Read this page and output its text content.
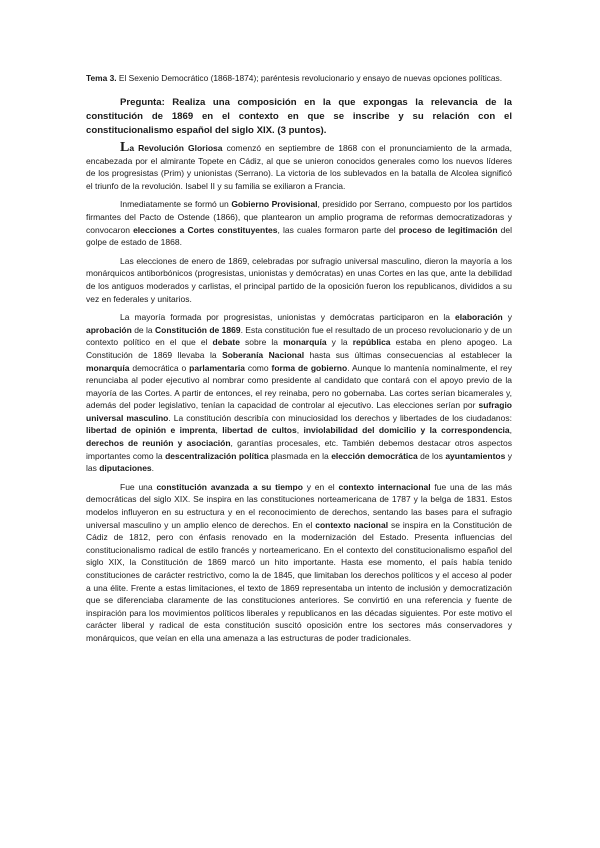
Tema 3. El Sexenio Democrático (1868-1874); paréntesis revolucionario y ensayo de nuevas opciones políticas.

Pregunta: Realiza una composición en la que expongas la relevancia de la constitución de 1869 en el contexto en que se inscribe y su relación con el constitucionalismo español del siglo XIX. (3 puntos).

La Revolución Gloriosa comenzó en septiembre de 1868 con el pronunciamiento de la armada, encabezada por el almirante Topete en Cádiz, al que se unieron conocidos generales como los nuevos líderes de los progresistas (Prim) y unionistas (Serrano). La victoria de los sublevados en la batalla de Alcolea significó el triunfo de la revolución. Isabel II y su familia se exiliaron a Francia.

Inmediatamente se formó un Gobierno Provisional, presidido por Serrano, compuesto por los partidos firmantes del Pacto de Ostende (1866), que plantearon un amplio programa de reformas democratizadoras y convocaron elecciones a Cortes constituyentes, las cuales formaron parte del proceso de legitimación del golpe de estado de 1868.

Las elecciones de enero de 1869, celebradas por sufragio universal masculino, dieron la mayoría a los monárquicos antiborbónicos (progresistas, unionistas y demócratas) en unas Cortes en las que, ante la debilidad de los antiguos moderados y carlistas, el principal partido de la oposición fueron los republicanos, divididos a su vez en federales y unitarios.

La mayoría formada por progresistas, unionistas y demócratas participaron en la elaboración y aprobación de la Constitución de 1869. Esta constitución fue el resultado de un proceso revolucionario y de un contexto político en el que el debate sobre la monarquía y la república estaba en pleno apogeo. La Constitución de 1869 llevaba la Soberanía Nacional hasta sus últimas consecuencias al establecer la monarquía democrática o parlamentaria como forma de gobierno. Aunque lo mantenía nominalmente, el rey renunciaba al poder ejecutivo al nombrar como presidente al candidato que contará con el apoyo previo de la mayoría de las Cortes. A partir de entonces, el rey reinaba, pero no gobernaba. Las cortes serían bicamerales y, además del poder legislativo, tenían la capacidad de controlar al ejecutivo. Las elecciones serían por sufragio universal masculino. La constitución describía con minuciosidad los derechos y libertades de los ciudadanos: libertad de opinión e imprenta, libertad de cultos, inviolabilidad del domicilio y la correspondencia, derechos de reunión y asociación, garantías procesales, etc. También debemos destacar otros aspectos importantes como la descentralización política plasmada en la elección democrática de los ayuntamientos y las diputaciones.

Fue una constitución avanzada a su tiempo y en el contexto internacional fue una de las más democráticas del siglo XIX. Se inspira en las constituciones norteamericana de 1787 y la belga de 1831. Estos modelos influyeron en su estructura y en el reconocimiento de derechos, sentando las bases para el sufragio universal masculino y un amplio elenco de derechos. En el contexto nacional se inspira en la Constitución de Cádiz de 1812, pero con énfasis renovado en la modernización del Estado. Presenta influencias del constitucionalismo radical de estilo francés y norteamericano. En el contexto del constitucionalismo español del siglo XIX, la Constitución de 1869 marcó un hito importante. Hasta ese momento, el país había tenido constituciones de carácter restrictivo, como la de 1845, que limitaban los derechos políticos y el acceso al poder a una élite. Frente a estas limitaciones, el texto de 1869 representaba un intento de inclusión y democratización que se diferenciaba claramente de las constituciones anteriores. Se convirtió en una referencia y fuente de inspiración para los movimientos políticos liberales y republicanos en las décadas siguientes. Por este motivo el carácter liberal y radical de esta constitución suscitó oposición entre los sectores más conservadores y monárquicos, que veían en ella una amenaza a las estructuras de poder tradicionales.
